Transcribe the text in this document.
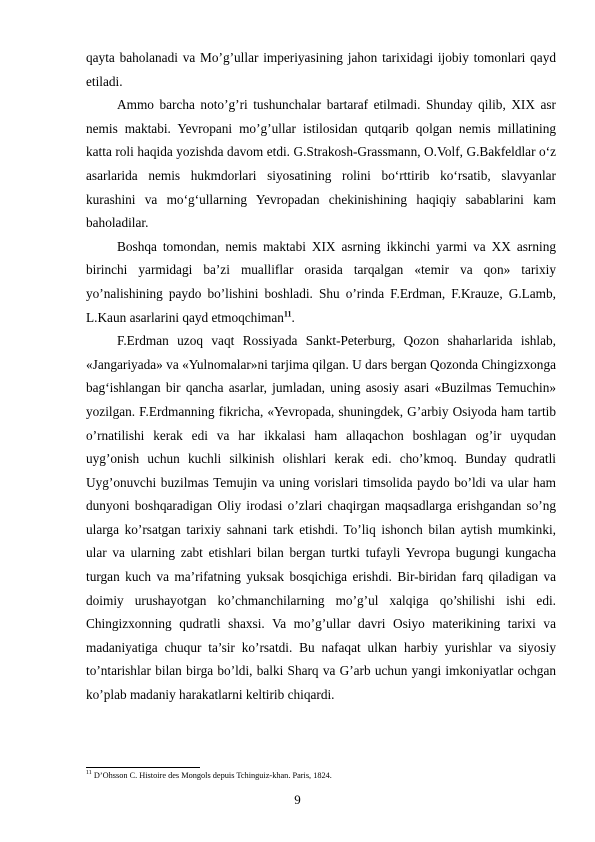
qayta baholanadi va Mo’g’ullar imperiyasining jahon tarixidagi ijobiy tomonlari qayd etiladi.

Ammo barcha noto’g’ri tushunchalar bartaraf etilmadi. Shunday qilib, XIX asr nemis maktabi. Yevropani mo’g’ullar istilosidan qutqarib qolgan nemis millatining katta roli haqida yozishda davom etdi. G.Strakosh-Grassmann, O.Volf, G.Bakfeldlar o‘z asarlarida nemis hukmdorlari siyosatining rolini bo‘rttirib ko‘rsatib, slavyanlar kurashini va mo‘g‘ullarning Yevropadan chekinishining haqiqiy sabablarini kam baholadilar.

Boshqa tomondan, nemis maktabi XIX asrning ikkinchi yarmi va XX asrning birinchi yarmidagi ba’zi mualliflar orasida tarqalgan «temir va qon» tarixiy yo’nalishining paydo bo’lishini boshladi. Shu o’rinda F.Erdman, F.Krauze, G.Lamb, L.Kaun asarlarini qayd etmoqchiman$^{11}$.

F.Erdman uzoq vaqt Rossiyada Sankt-Peterburg, Qozon shaharlarida ishlab, «Jangariyada» va «Yulnomalar»ni tarjima qilgan. U dars bergan Qozonda Chingizxonga bag‘ishlangan bir qancha asarlar, jumladan, uning asosiy asari «Buzilmas Temuchin» yozilgan. F.Erdmanning fikricha, «Yevropada, shuningdek, G’arbiy Osiyoda ham tartib o’rnatilishi kerak edi va har ikkalasi ham allaqachon boshlagan og’ir uyqudan uyg’onish uchun kuchli silkinish olishlari kerak edi. cho’kmoq. Bunday qudratli Uyg’onuvchi buzilmas Temujin va uning vorislari timsolida paydo bo’ldi va ular ham dunyoni boshqaradigan Oliy irodasi o’zlari chaqirgan maqsadlarga erishgandan so’ng ularga ko’rsatgan tarixiy sahnani tark etishdi. To’liq ishonch bilan aytish mumkinki, ular va ularning zabt etishlari bilan bergan turtki tufayli Yevropa bugungi kungacha turgan kuch va ma’rifatning yuksak bosqichiga erishdi. Bir-biridan farq qiladigan va doimiy urushayotgan ko’chmanchilarning mo’g’ul xalqiga qo’shilishi ishi edi. Chingizxonning qudratli shaxsi. Va mo’g’ullar davri Osiyo materikining tarixi va madaniyatiga chuqur ta’sir ko’rsatdi. Bu nafaqat ulkan harbiy yurishlar va siyosiy to’ntarishlar bilan birga bo’ldi, balki Sharq va G’arb uchun yangi imkoniyatlar ochgan ko’plab madaniy harakatlarni keltirib chiqardi.

$^{11}$ D’Ohsson C. Histoire des Mongols depuis Tchinguiz-khan. Paris, 1824.
9
